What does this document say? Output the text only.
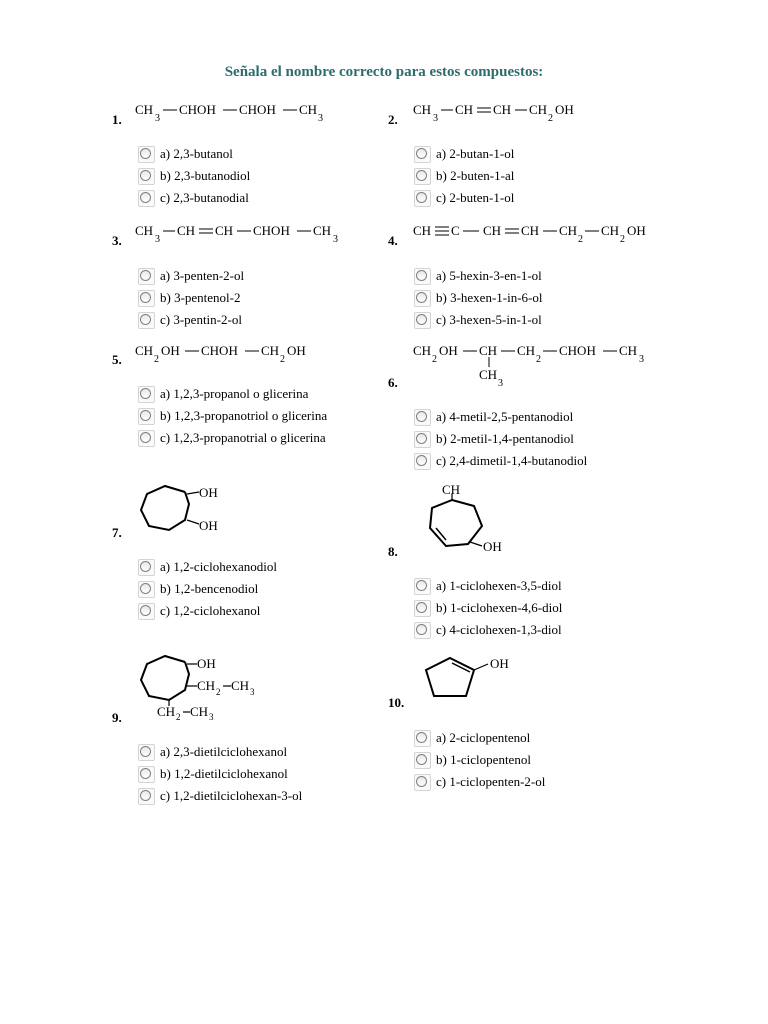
Señala el nombre correcto para estos compuestos:
1.
CH
3
CHOH CHOH CH
3
a) 2,3-butanol
b) 2,3-butanodiol
c) 2,3-butanodial
2.
CH
3
CH CH CH
2
OH
a) 2-butan-1-ol
b) 2-buten-1-al
c) 2-buten-1-ol
3.
CH
3
CH CH CHOH CH
3
a) 3-penten-2-ol
b) 3-pentenol-2
c) 3-pentin-2-ol
4.
CH C CH CH CH
2
CH
2
OH
a) 5-hexin-3-en-1-ol
b) 3-hexen-1-in-6-ol
c) 3-hexen-5-in-1-ol
5.
CH
2
OH CHOH CH
2
OH
a) 1,2,3-propanol o glicerina
b) 1,2,3-propanotriol o glicerina
c) 1,2,3-propanotrial o glicerina
6.
CH
2
OH CH CH
2
CHOH CH
3
CH
3
a) 4-metil-2,5-pentanodiol
b) 2-metil-1,4-pentanodiol
c) 2,4-dimetil-1,4-butanodiol
7.
OH
OH
a) 1,2-ciclohexanodiol
b) 1,2-bencenodiol
c) 1,2-ciclohexanol
8.
CH
OH
a) 1-ciclohexen-3,5-diol
b) 1-ciclohexen-4,6-diol
c) 4-ciclohexen-1,3-diol
9.
OH
CH 2 CH 3
CH 2 CH 3
a) 2,3-dietilciclohexanol
b) 1,2-dietilciclohexanol
c) 1,2-dietilciclohexan-3-ol
10.
OH
a) 2-ciclopentenol
b) 1-ciclopentenol
c) 1-ciclopenten-2-ol
